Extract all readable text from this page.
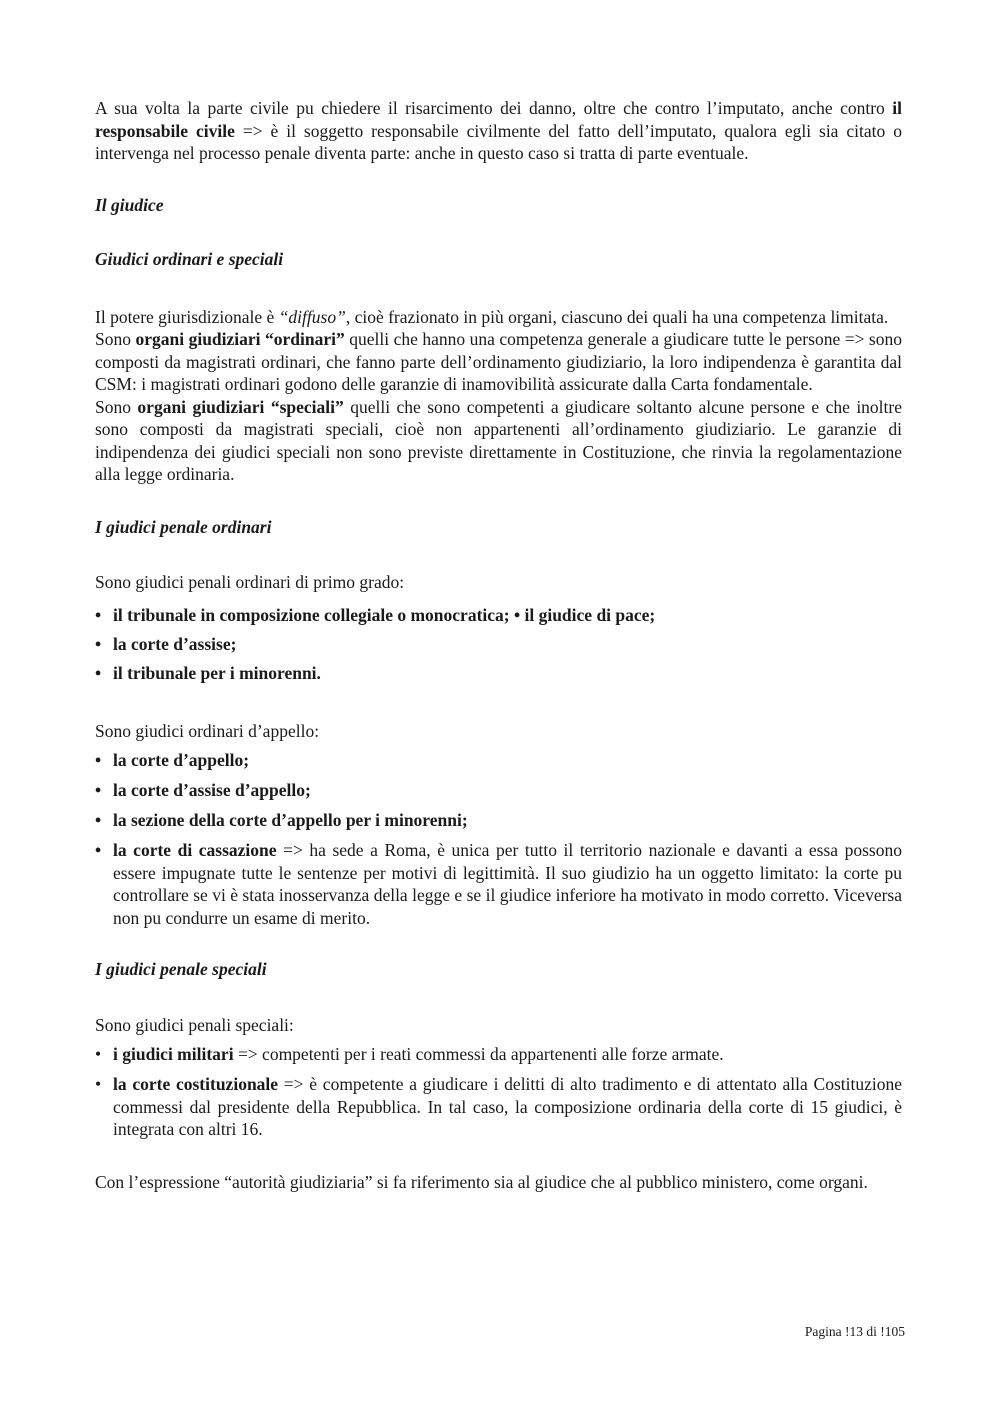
A sua volta la parte civile pu chiedere il risarcimento dei danno, oltre che contro l’imputato, anche contro il responsabile civile => è il soggetto responsabile civilmente del fatto dell’imputato, qualora egli sia citato o intervenga nel processo penale diventa parte: anche in questo caso si tratta di parte eventuale.

Il giudice

Giudici ordinari e speciali

Il potere giurisdizionale è “diffuso”, cioè frazionato in più organi, ciascuno dei quali ha una competenza limitata.

Sono organi giudiziari “ordinari” quelli che hanno una competenza generale a giudicare tutte le persone => sono composti da magistrati ordinari, che fanno parte dell’ordinamento giudiziario, la loro indipendenza è garantita dal CSM: i magistrati ordinari godono delle garanzie di inamovibilità assicurate dalla Carta fondamentale.

Sono organi giudiziari “speciali” quelli che sono competenti a giudicare soltanto alcune persone e che inoltre sono composti da magistrati speciali, cioè non appartenenti all’ordinamento giudiziario. Le garanzie di indipendenza dei giudici speciali non sono previste direttamente in Costituzione, che rinvia la regolamentazione alla legge ordinaria.

I giudici penale ordinari

Sono giudici penali ordinari di primo grado:

• il tribunale in composizione collegiale o monocratica; • il giudice di pace;
• la corte d’assise;
• il tribunale per i minorenni.

Sono giudici ordinari d’appello:

• la corte d’appello;
• la corte d’assise d’appello;
• la sezione della corte d’appello per i minorenni;
• la corte di cassazione => ha sede a Roma, è unica per tutto il territorio nazionale e davanti a essa possono essere impugnate tutte le sentenze per motivi di legittimità. Il suo giudizio ha un oggetto limitato: la corte pu controllare se vi è stata inosservanza della legge e se il giudice inferiore ha motivato in modo corretto. Viceversa non pu condurre un esame di merito.

I giudici penale speciali

Sono giudici penali speciali:

• i giudici militari => competenti per i reati commessi da appartenenti alle forze armate.
• la corte costituzionale => è competente a giudicare i delitti di alto tradimento e di attentato alla Costituzione commessi dal presidente della Repubblica. In tal caso, la composizione ordinaria della corte di 15 giudici, è integrata con altri 16.

Con l’espressione “autorità giudiziaria” si fa riferimento sia al giudice che al pubblico ministero, come organi.

Pagina !13 di !105
